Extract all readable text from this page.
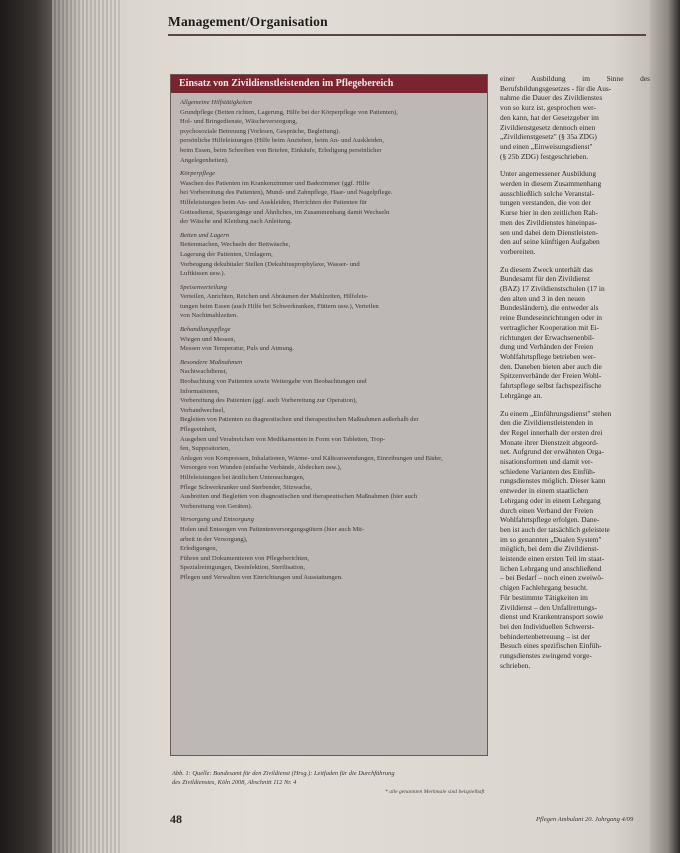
Management/Organisation
Einsatz von Zivildienstleistenden im Pflegebereich
Allgemeine Hilfstätigkeiten
Grundpflege (Betten richten, Lagerung, Hilfe bei der Körperpflege von Patienten),
Hol- und Bringedienste, Wäscheversorgung,
psychosoziale Betreuung (Vorlesen, Gespräche, Begleitung).
persönliche Hilfeleistungen (Hilfe beim Anziehen, beim An- und Auskleiden,
beim Essen, beim Schreiben von Briefen, Einkäufe, Erledigung persönlicher
Angelegenheiten).
Körperpflege
Waschen des Patienten im Krankenzimmer und Badezimmer (ggf. Hilfe
bei Vorbereitung des Patienten), Mund- und Zahnpflege, Haar- und Nagelpflege.
Hilfeleistungen beim An- und Auskleiden, Herrichten der Patienten für
Gottesdienst, Spaziergänge und Ähnliches, im Zusammenhang damit Wechseln
der Wäsche und Kleidung nach Anleitung.
Betten und Lagern
Bettenmachen, Wechseln der Bettwäsche,
Lagerung der Patienten, Umlagern,
Vorbeugung dekubitaler Stellen (Dekubitusprophylaxe, Wasser- und
Luftkissen usw.).
Speisenverteilung
Verteilen, Anrichten, Reichen und Abräumen der Mahlzeiten, Hilfeleis-
tungen beim Essen (auch Hilfe bei Schwerkranken, Füttern usw.), Verteilen
von Nachtmahlzeiten.
Behandlungspflege
Wiegen und Messen,
Messen von Temperatur, Puls und Atmung.
Besondere Maßnahmen
Nachtwachdienst,
Beobachtung von Patienten sowie Weitergabe von Beobachtungen und
Informationen,
Vorbereitung des Patienten (ggf. auch Vorbereitung zur Operation),
Verbandwechsel,
Begleiten von Patienten zu diagnostischen und therapeutischen Maßnahmen außerhalb der
Pflegeeinheit,
Ausgeben und Verabreichen von Medikamenten in Form von Tabletten, Trop-
fen, Suppositorien,
Anlegen von Kompressen, Inhalationen, Wärme- und Kälteanwendungen, Einreibungen und Bäder,
Versorgen von Wunden (einfache Verbände, Abdecken usw.),
Hilfeleistungen bei ärztlichen Untersuchungen,
Pflege Schwerkranker und Sterbender, Sitzwache,
Ausbreiten und Begleiten von diagnostischen und therapeutischen Maßnahmen (hier auch
Vorbereitung von Geräten).
Versorgung und Entsorgung
Holen und Entsorgen von Patientenversorgungsgütern (hier auch Mit-
arbeit in der Versorgung),
Erledigungen,
Führen und Dokumentieren von Pflegeberichten,
Spezialreinigungen, Desinfektion, Sterilisation,
Pflegen und Verwalten von Einrichtungen und Ausstattungen.
Abb. 1: Quelle: Bundesamt für den Zivildienst (Hrsg.): Leitfaden für die Durchführung
des Zivildienstes, Köln 2008, Abschnitt 112 Nr. 4
* alle genannten Merkmale sind beispielhaft

einer Ausbildung im Sinne des Berufsbildungsgesetzes - für die Aus-
nahme die Dauer des Zivildienstes
von so kurz ist, gesprochen wer-
den kann, hat der Gesetzgeber im
Zivildienstgesetz dennoch einen
„Zivildienstgesetz" (§ 35a ZDG)
und einen „Einweisungsdienst"
(§ 25b ZDG) festgeschrieben.

Unter angemessener Ausbildung
werden in diesem Zusammenhang
ausschließlich solche Veranstal-
tungen verstanden, die von der
Kurse hier in den zeitlichen Rah-
men des Zivildienstes hineinpas-
sen und dabei dem Dienstleisten-
den auf seine künftigen Aufgaben
vorbereiten.

Zu diesem Zweck unterhält das
Bundesamt für den Zivildienst
(BAZ) 17 Zivildienstschulen (17 in
den alten und 3 in den neuen
Bundesländern), die entweder als
reine Bundeseinrichtungen oder in
vertraglicher Kooperation mit Ei-
richtungen der Erwachsenenbil-
dung und Verbänden der Freien
Wohlfahrtspflege betrieben wer-
den. Daneben bieten aber auch die
Spitzenverbände der Freien Wohl-
fahrtspflege selbst fachspezifische
Lehrgänge an.

Zu einem „Einführungsdienst" stehen
den die Zivildienstleistenden in
der Regel innerhalb der ersten drei
Monate ihrer Dienstzeit abgeord-
net. Aufgrund der erwähnten Orga-
nisationsformen und damit ver-
schiedene Varianten des Einfüh-
rungsdienstes möglich. Dieser kann
entweder in einem staatlichen
Lehrgang oder in einem Lehrgang
durch einen Verband der Freien
Wohlfahrtspflege erfolgen. Dane-
ben ist auch der tatsächlich geleistete
im so genannten „Dualen System"
möglich, bei dem die Zivildienst-
leistende einen ersten Teil im staat-
lichen Lehrgang und anschließend
– bei Bedarf – noch einen zweiwö-
chigen Fachlehrgang besucht.
Für bestimmte Tätigkeiten im
Zivildienst – den Unfallrettungs-
dienst und Krankentransport sowie
bei den Individuellen Schwerst-
behindertenbetreuung – ist der
Besuch eines spezifischen Einfüh-
rungsdienstes zwingend vorge-
schrieben.

48	Pflegen Ambulant 20. Jahrgang 4/09
